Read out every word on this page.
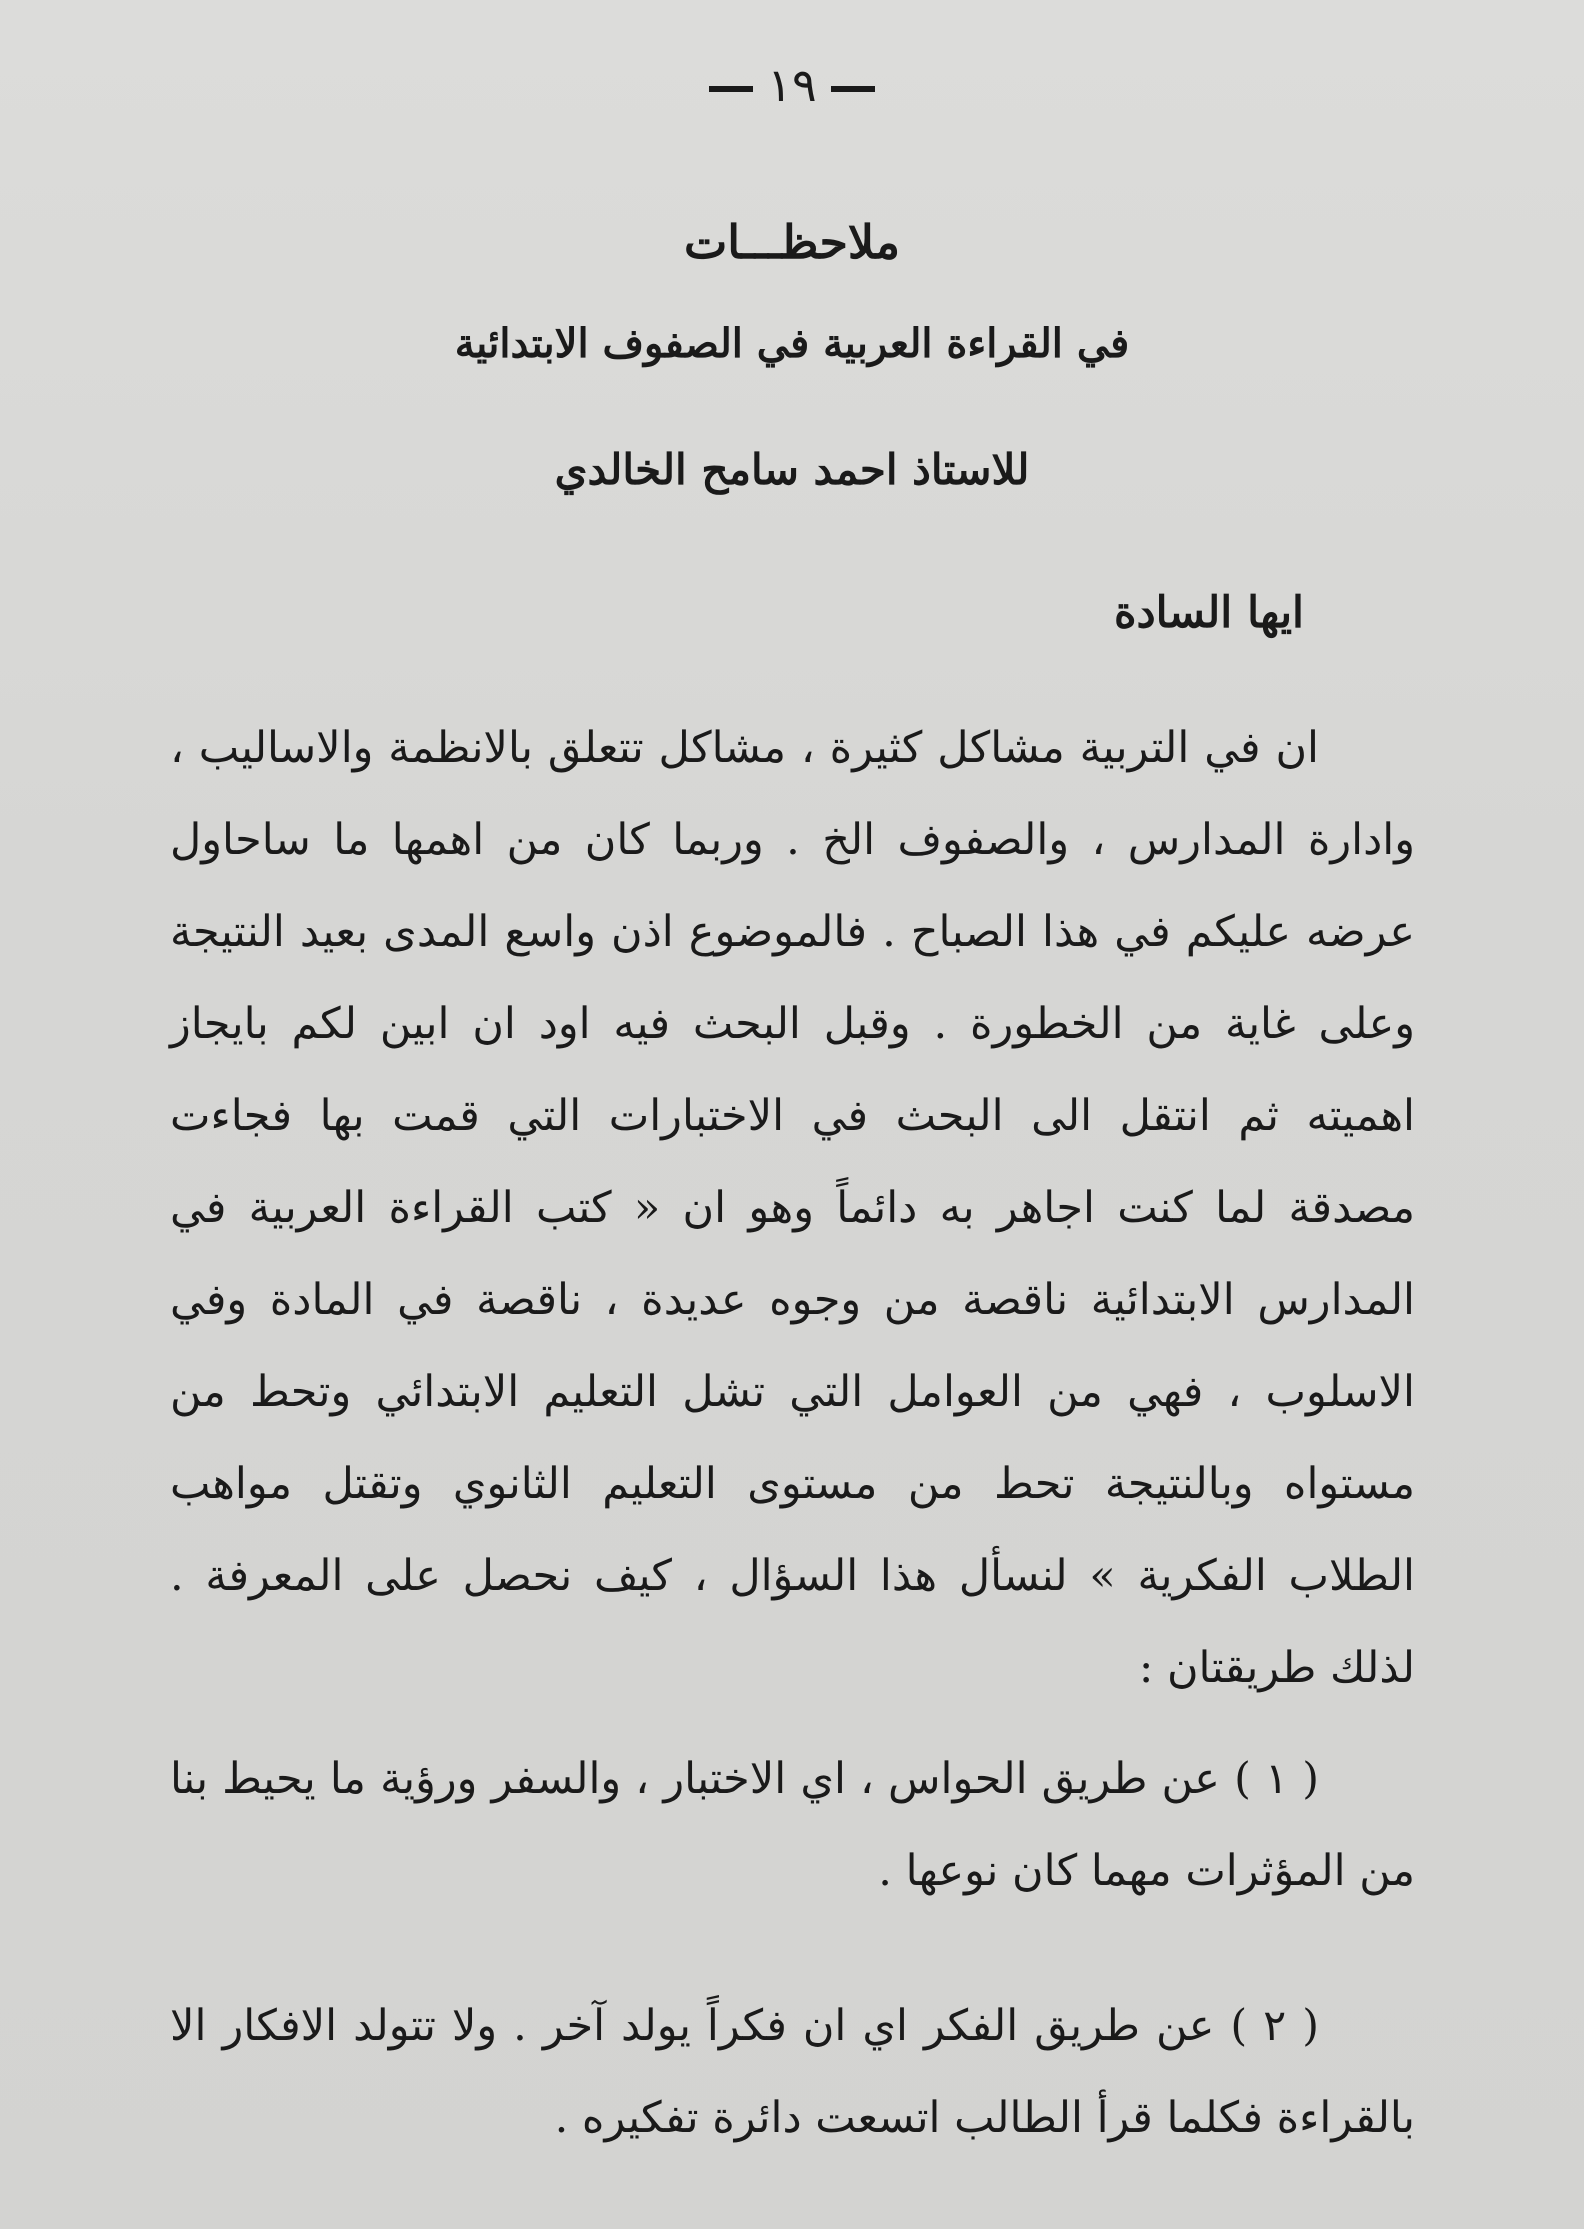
١٩
ملاحظـــات
في القراءة العربية في الصفوف الابتدائية
للاستاذ احمد سامح الخالدي
ايها السادة
ان في التربية مشاكل كثيرة ، مشاكل تتعلق بالانظمة والاساليب ، وادارة المدارس ، والصفوف الخ . وربما كان من اهمها ما ساحاول عرضه عليكم في هذا الصباح . فالموضوع اذن واسع المدى بعيد النتيجة وعلى غاية من الخطورة . وقبل البحث فيه اود ان ابين لكم بايجاز اهميته ثم انتقل الى البحث في الاختبارات التي قمت بها فجاءت مصدقة لما كنت اجاهر به دائماً وهو ان « كتب القراءة العربية في المدارس الابتدائية ناقصة من وجوه عديدة ، ناقصة في المادة وفي الاسلوب ، فهي من العوامل التي تشل التعليم الابتدائي وتحط من مستواه وبالنتيجة تحط من مستوى التعليم الثانوي وتقتل مواهب الطلاب الفكرية » لنسأل هذا السؤال ، كيف نحصل على المعرفة . لذلك طريقتان :
( ١ ) عن طريق الحواس ، اي الاختبار ، والسفر ورؤية ما يحيط بنا من المؤثرات مهما كان نوعها .
( ٢ ) عن طريق الفكر اي ان فكراً يولد آخر . ولا تتولد الافكار الا بالقراءة فكلما قرأ الطالب اتسعت دائرة تفكيره .
